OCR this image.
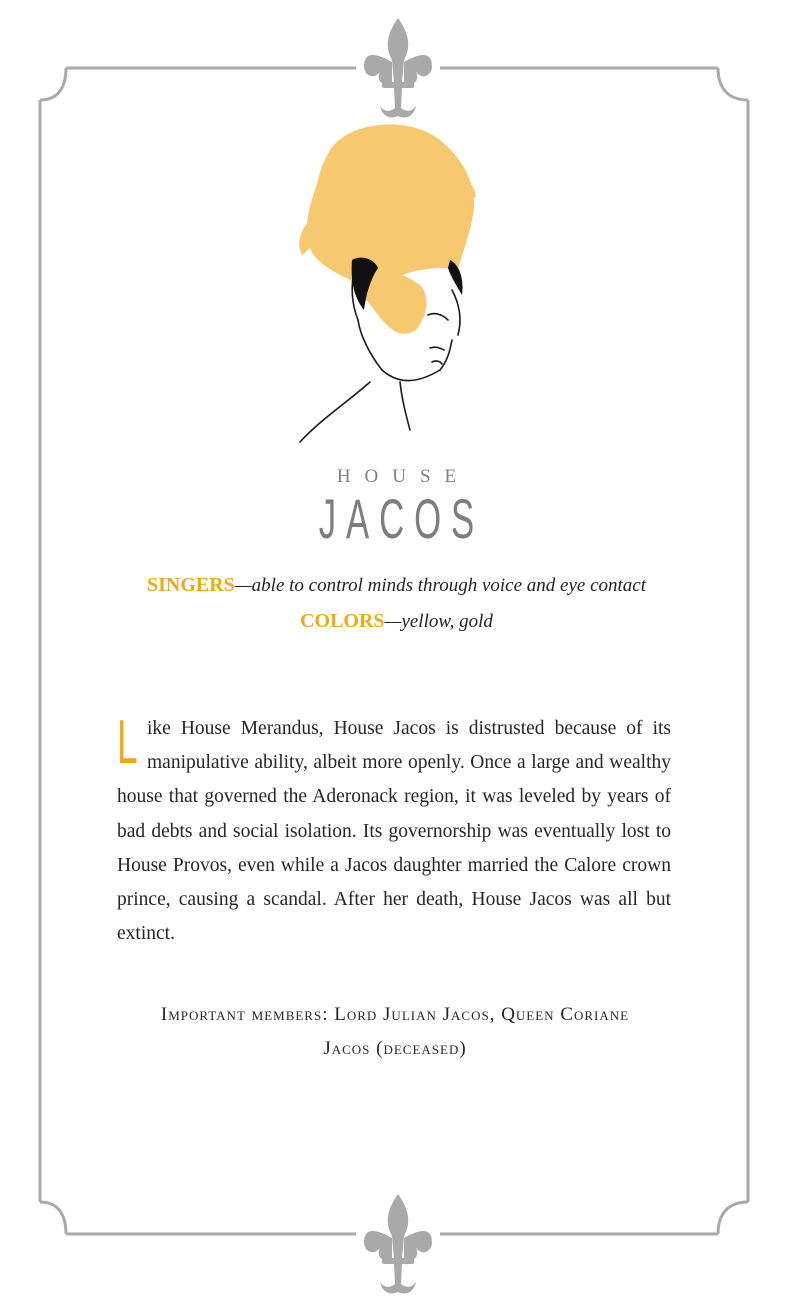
HOUSE
JACOS
SINGERS—able to control minds through voice and eye contact
COLORS—yellow, gold
Like House Merandus, House Jacos is distrusted because of its manipulative ability, albeit more openly. Once a large and wealthy house that governed the Aderonack region, it was leveled by years of bad debts and social isolation. Its governorship was eventually lost to House Provos, even while a Jacos daughter married the Calore crown prince, causing a scandal. After her death, House Jacos was all but extinct.
Important members: Lord Julian Jacos, Queen Coriane
Jacos (deceased)
